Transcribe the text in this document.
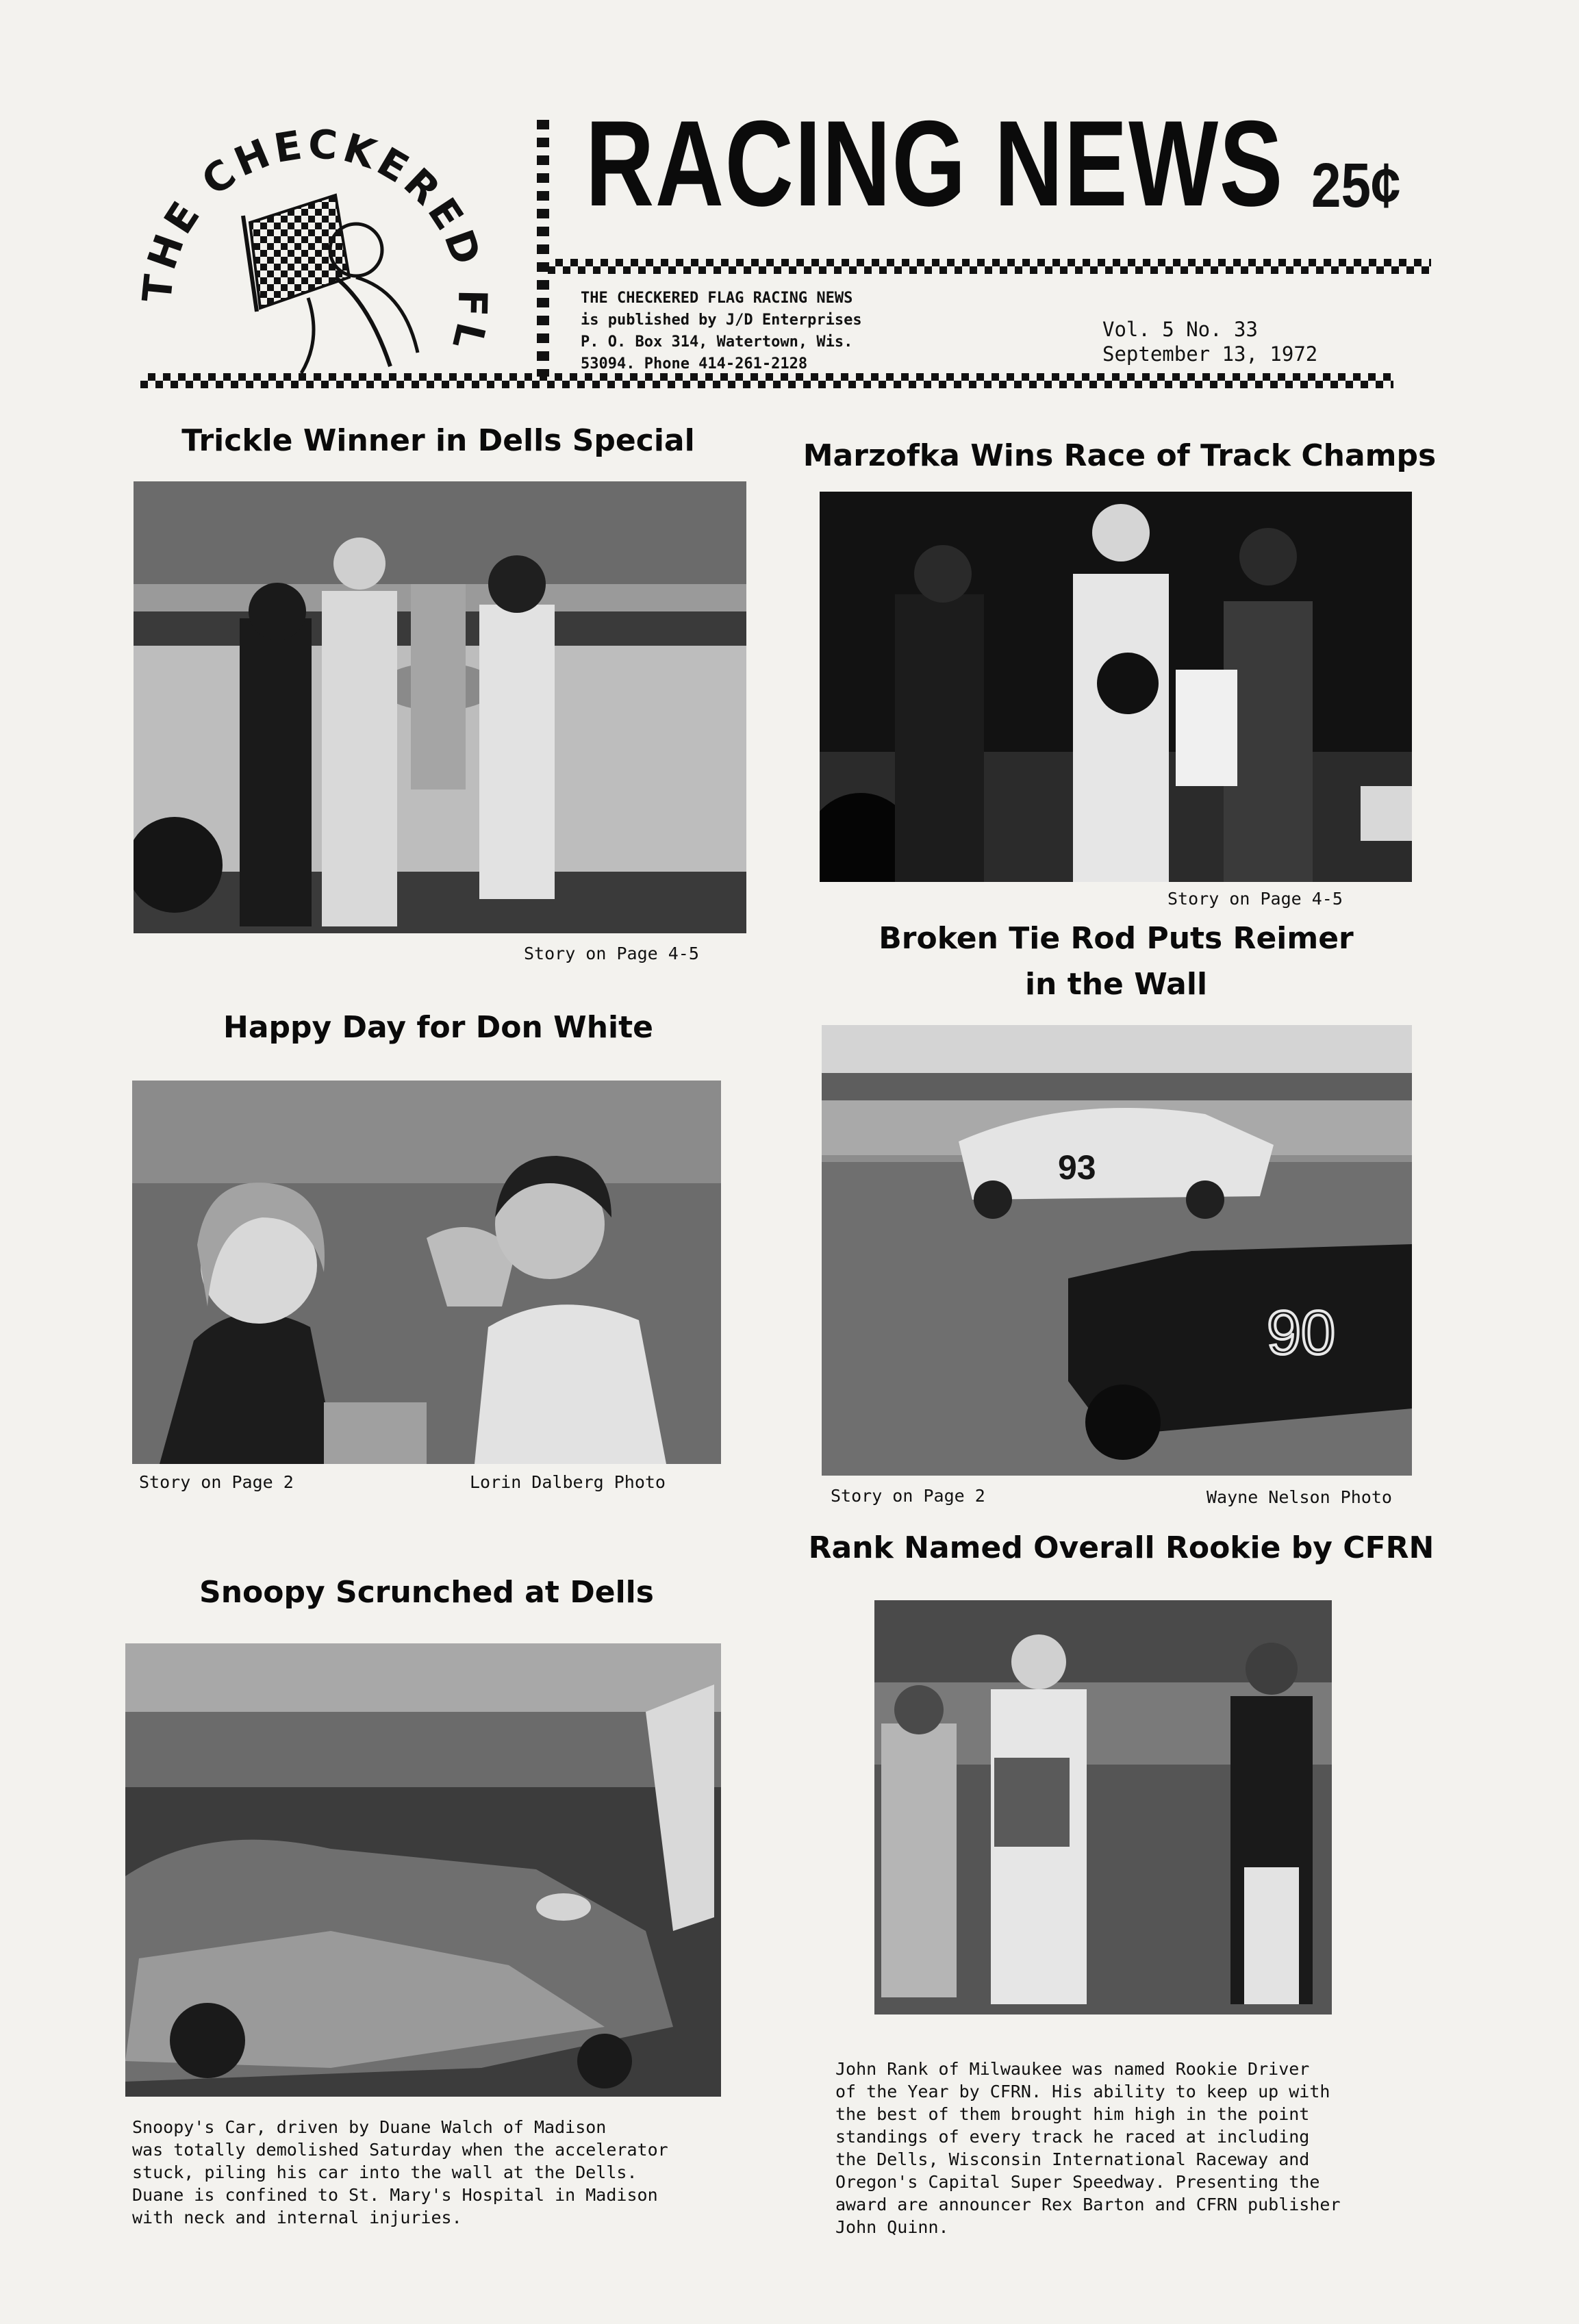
THE CHECKERED FL
RACING NEWS 25¢
THE CHECKERED FLAG RACING NEWS
is published by J/D Enterprises
P. O. Box 314, Watertown, Wis.
53094. Phone 414-261-2128
Vol. 5 No. 33
September 13, 1972
Trickle Winner in Dells Special
Story on Page 4-5
Marzofka Wins Race of Track Champs
Story on Page 4-5
Broken Tie Rod Puts Reimer
in the Wall
93
90
Story on Page 2	Wayne Nelson Photo
Happy Day for Don White
Story on Page 2	Lorin Dalberg Photo
Rank Named Overall Rookie by CFRN
John Rank of Milwaukee was named Rookie Driver
of the Year by CFRN. His ability to keep up with
the best of them brought him high in the point
standings of every track he raced at including
the Dells, Wisconsin International Raceway and
Oregon's Capital Super Speedway. Presenting the
award are announcer Rex Barton and CFRN publisher
John Quinn.
Snoopy Scrunched at Dells
Snoopy's Car, driven by Duane Walch of Madison
was totally demolished Saturday when the accelerator
stuck, piling his car into the wall at the Dells.
Duane is confined to St. Mary's Hospital in Madison
with neck and internal injuries.
